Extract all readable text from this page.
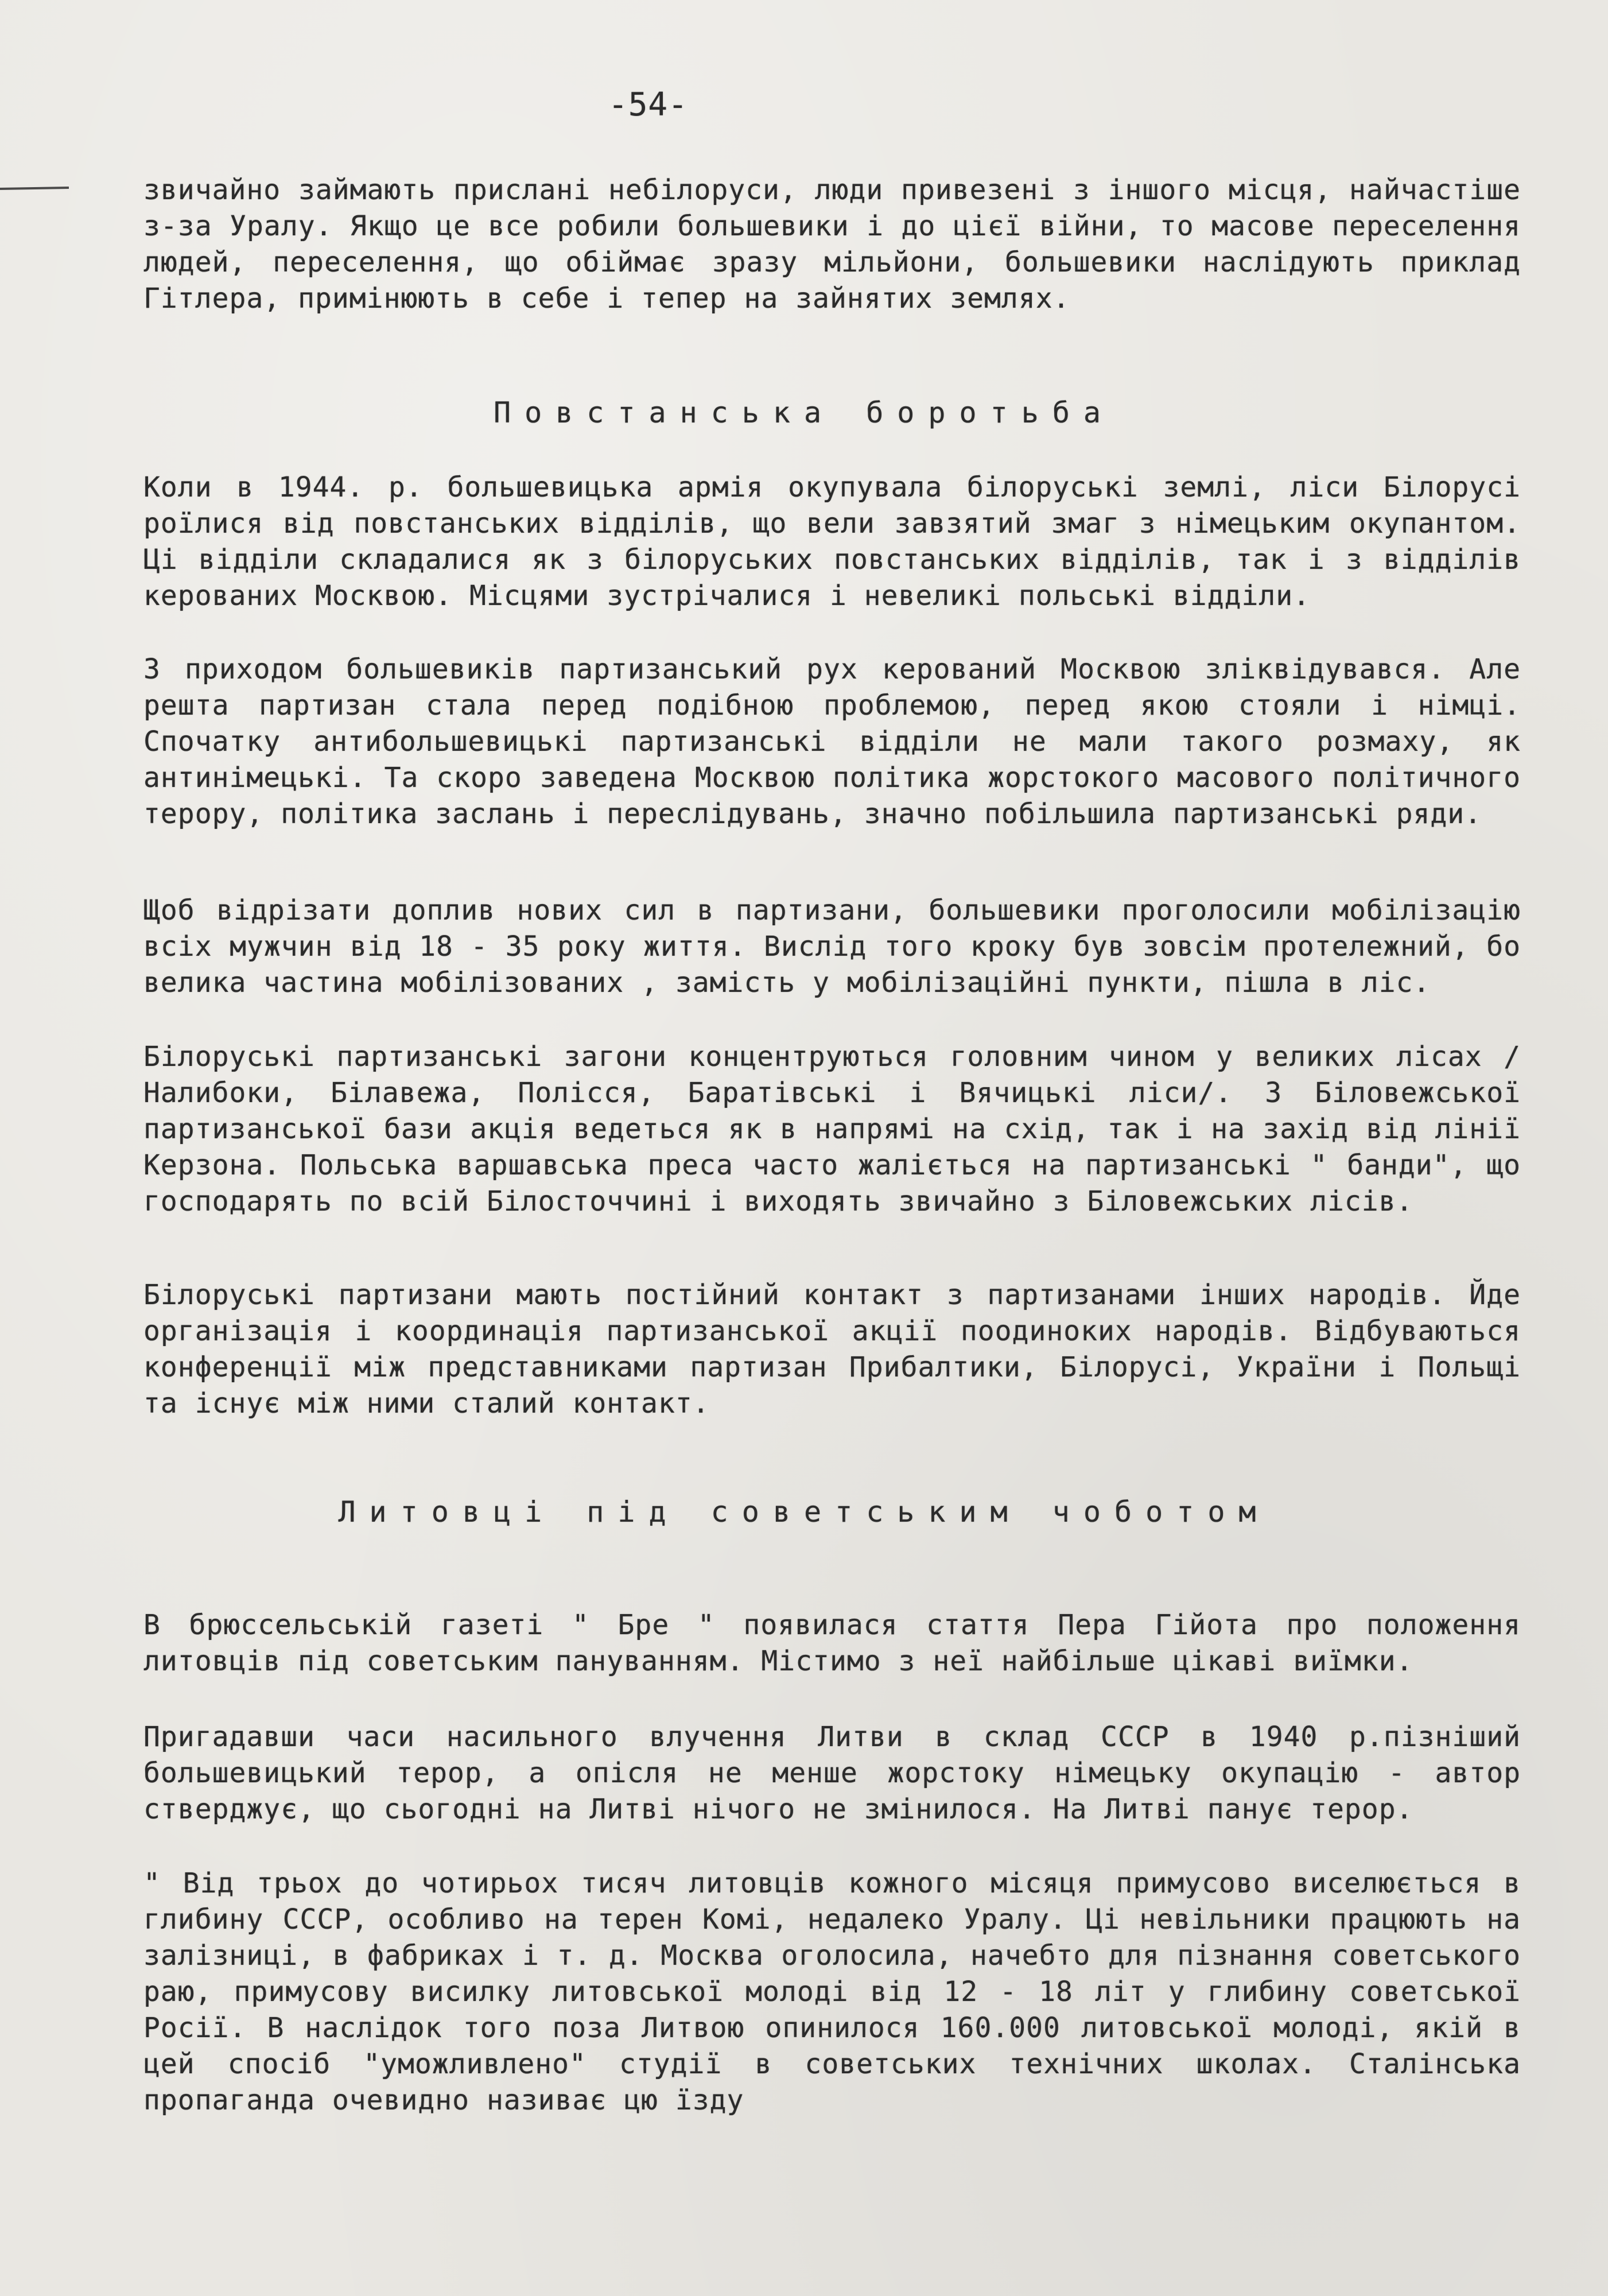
-54-

звичайно займають присланi небiлоруси, люди привезенi з iншого мiсця, найчастiше з-за Уралу. Якщо це все робили большевики i до цiєї вiйни, то масове переселення людей, переселення, що обiймає зразу мiльйони, большевики наслiдують приклад Гiтлера, примiнюють в себе i тепер на зайнятих землях.

Повстанська боротьба

Коли в 1944. р. большевицька армiя окупувала бiлоруськi землi, лiси Бiлорусi роїлися вiд повстанських вiддiлiв, що вели завзятий змаг з нiмецьким окупантом. Цi вiддiли складалися як з бiлоруських повстанських вiддiлiв, так i з вiддiлiв керованих Москвою. Мiсцями зустрiчалися i невеликi польськi вiддiли.

З приходом большевикiв партизанський рух керований Москвою злiквiдувався. Але решта партизан стала перед подiбною проблемою, перед якою стояли i нiмцi. Спочатку антибольшевицькi партизанськi вiддiли не мали такого розмаху, як антинiмецькi. Та скоро заведена Москвою полiтика жорстокого масового полiтичного терору, полiтика заслань i переслiдувань, значно побiльшила партизанськi ряди.

Щоб вiдрiзати доплив нових сил в партизани, большевики проголосили мобiлiзацiю всiх мужчин вiд 18 - 35 року життя. Вислiд того кроку був зовсiм протележний, бо велика частина мобiлiзованих , замiсть у мобiлiзацiйнi пункти, пiшла в лiс.

Бiлоруськi партизанськi загони концентруються головним чином у великих лiсах /Налибоки, Бiлавежа, Полiсся, Баратiвськi i Вячицькi лiси/. З Бiловежської партизанської бази акцiя ведеться як в напрямi на схiд, так i на захiд вiд лiнiї Керзона. Польська варшавська преса часто жалiється на партизанськi " банди", що господарять по всiй Бiлосточчинi i виходять звичайно з Бiловежських лiсiв.

Бiлоруськi партизани мають постiйний контакт з партизанами iнших народiв. Йде органiзацiя i координацiя партизанської акцiї поодиноких народiв. Вiдбуваються конференцiї мiж представниками партизан Прибалтики, Бiлорусi, України i Польщi та iснує мiж ними сталий контакт.

Литовцi пiд советським чоботом

В брюссельськiй газетi " Бре " появилася стаття Пера Гiйота про положення литовцiв пiд советським пануванням. Мiстимо з неї найбiльше цiкавi виїмки.

Пригадавши часи насильного влучення Литви в склад СССР в 1940 р.пiзнiший большевицький терор, а опiсля не менше жорстоку нiмецьку окупацiю - автор стверджує, що сьогоднi на Литвi нiчого не змiнилося. На Литвi панує терор.

" Вiд трьох до чотирьох тисяч литовцiв кожного мiсяця примусово виселюється в глибину СССР, особливо на терен Комi, недалеко Уралу. Цi невiльники працюють на залiзницi, в фабриках i т. д. Москва оголосила, начебто для пiзнання советського раю, примусову висилку литовської молодi вiд 12 - 18 лiт у глибину советської Росiї. В наслiдок того поза Литвою опинилося 160.000 литовської молодi, якiй в цей спосiб "уможливлено" студiї в советських технiчних школах. Сталiнська пропаганда очевидно називає цю їзду
